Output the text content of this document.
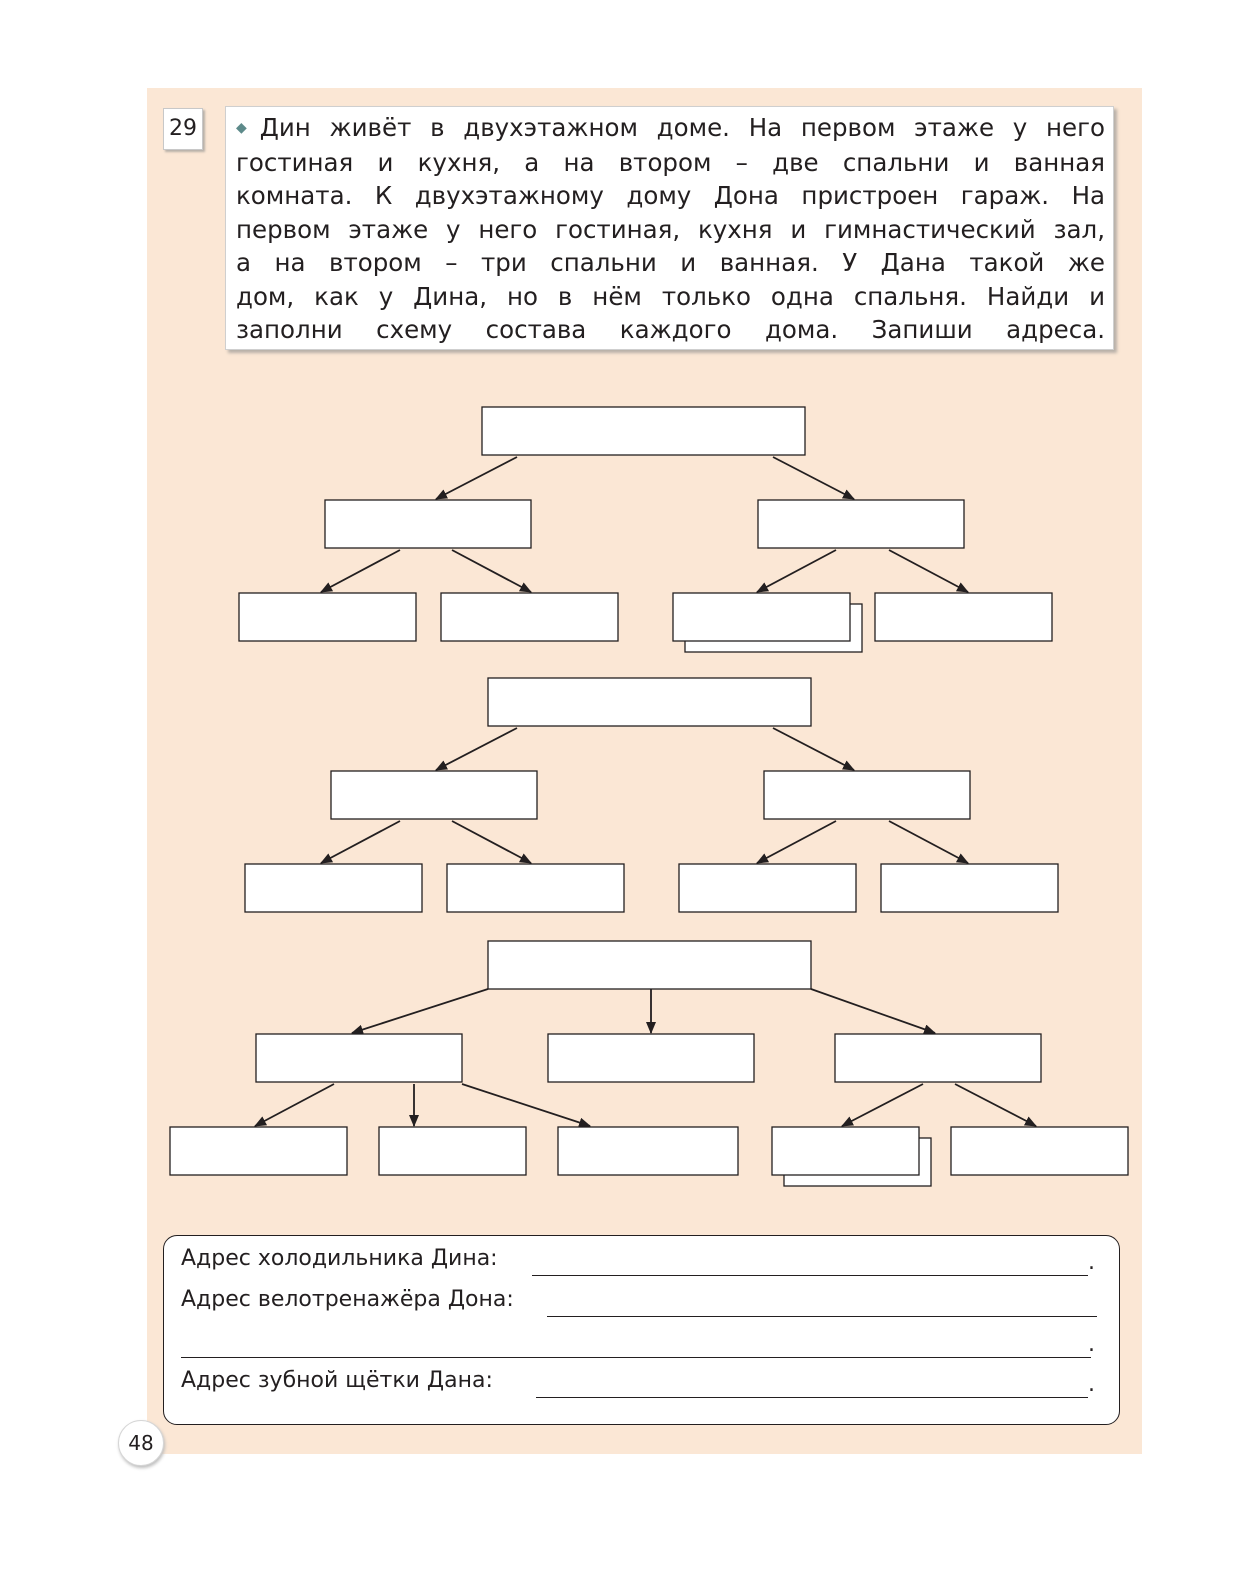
29	◆ Дин живёт в двухэтажном доме. На первом этаже у него

гостиная и кухня, а на втором – две спальни и ванная

комната. К двухэтажному дому Дона пристроен гараж. На

первом этаже у него гостиная, кухня и гимнастический зал,

а на втором – три спальни и ванная. У Дана такой же

дом, как у Дина, но в нём только одна спальня. Найди и

заполни схему состава каждого дома. Запиши адреса.

Адрес холодильника Дина:	.
Адрес велотренажёра Дона:
.
Адрес зубной щётки Дана:	.
48
